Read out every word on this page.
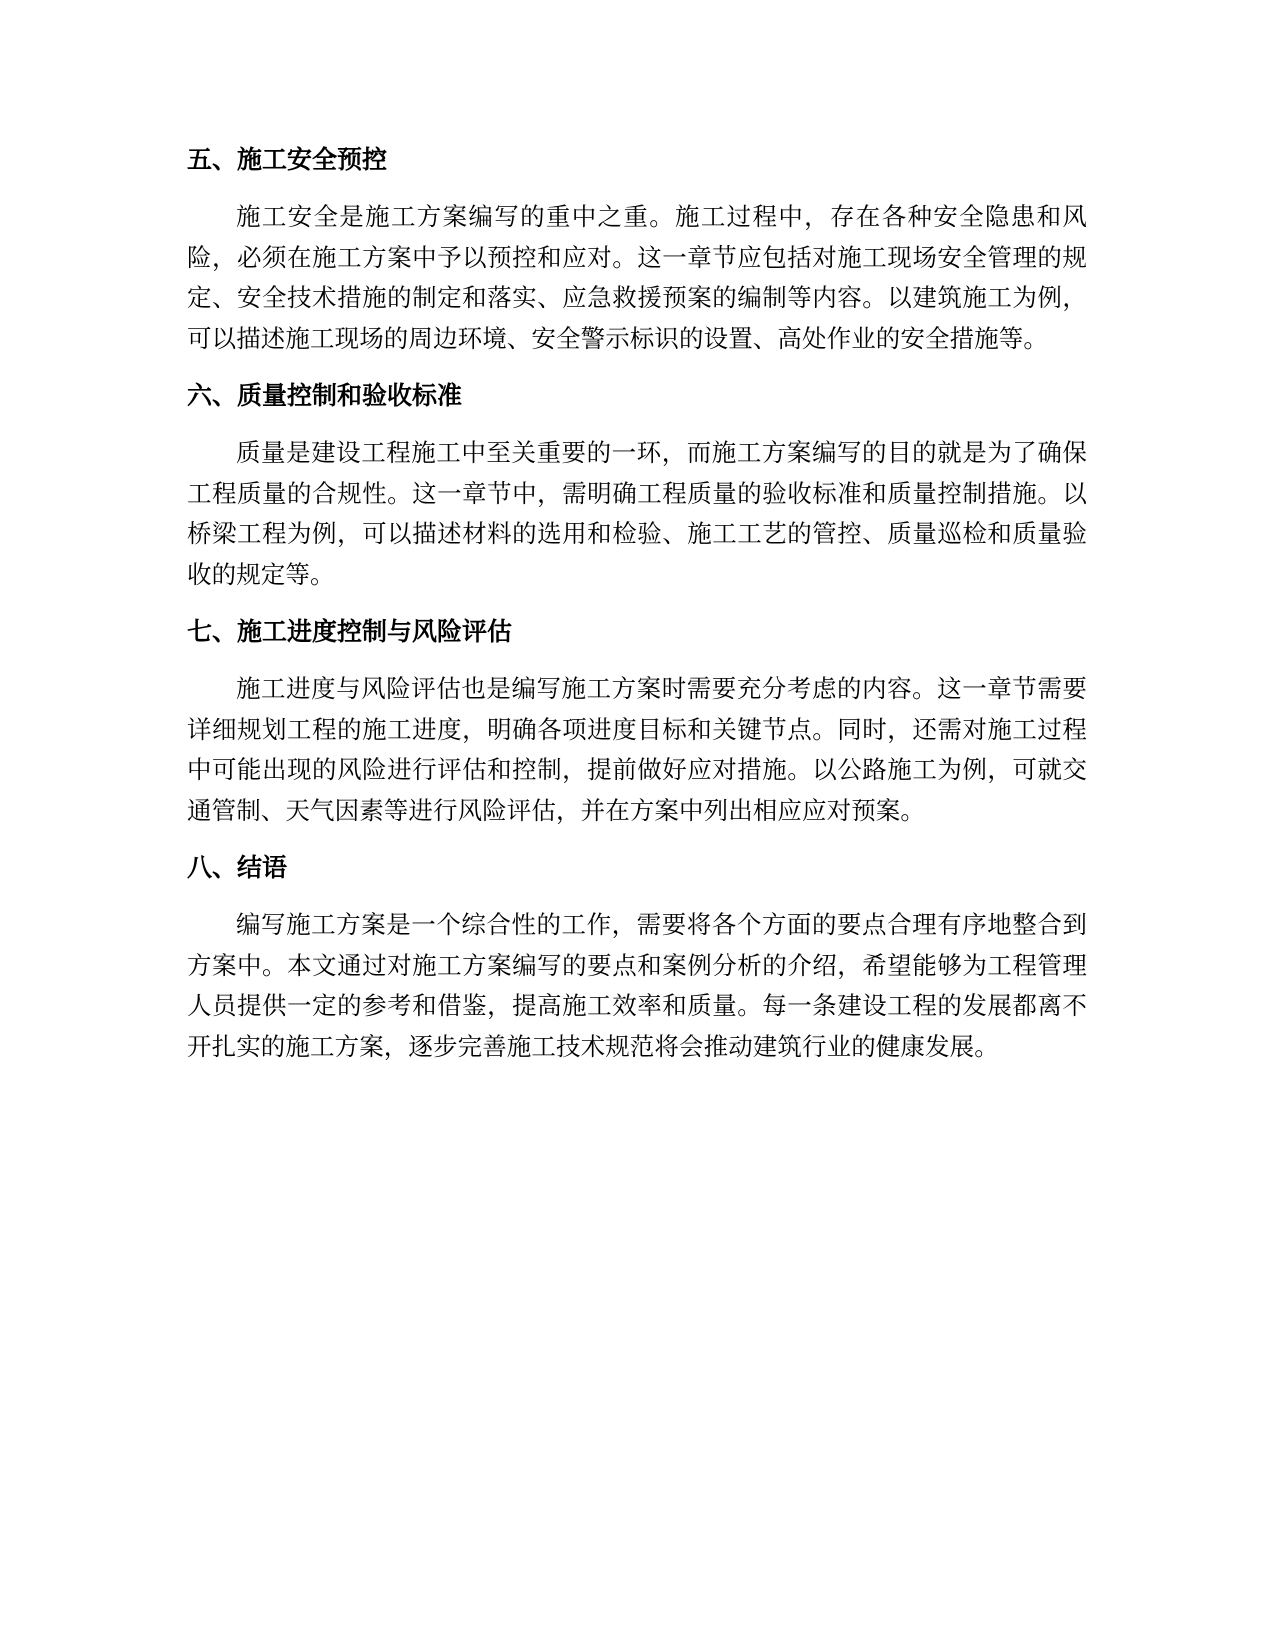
五、施工安全预控

施工安全是施工方案编写的重中之重。施工过程中，存在各种安全隐患和风险，必须在施工方案中予以预控和应对。这一章节应包括对施工现场安全管理的规定、安全技术措施的制定和落实、应急救援预案的编制等内容。以建筑施工为例，可以描述施工现场的周边环境、安全警示标识的设置、高处作业的安全措施等。

六、质量控制和验收标准

质量是建设工程施工中至关重要的一环，而施工方案编写的目的就是为了确保工程质量的合规性。这一章节中，需明确工程质量的验收标准和质量控制措施。以桥梁工程为例，可以描述材料的选用和检验、施工工艺的管控、质量巡检和质量验收的规定等。

七、施工进度控制与风险评估

施工进度与风险评估也是编写施工方案时需要充分考虑的内容。这一章节需要详细规划工程的施工进度，明确各项进度目标和关键节点。同时，还需对施工过程中可能出现的风险进行评估和控制，提前做好应对措施。以公路施工为例，可就交通管制、天气因素等进行风险评估，并在方案中列出相应应对预案。

八、结语

编写施工方案是一个综合性的工作，需要将各个方面的要点合理有序地整合到方案中。本文通过对施工方案编写的要点和案例分析的介绍，希望能够为工程管理人员提供一定的参考和借鉴，提高施工效率和质量。每一条建设工程的发展都离不开扎实的施工方案，逐步完善施工技术规范将会推动建筑行业的健康发展。
